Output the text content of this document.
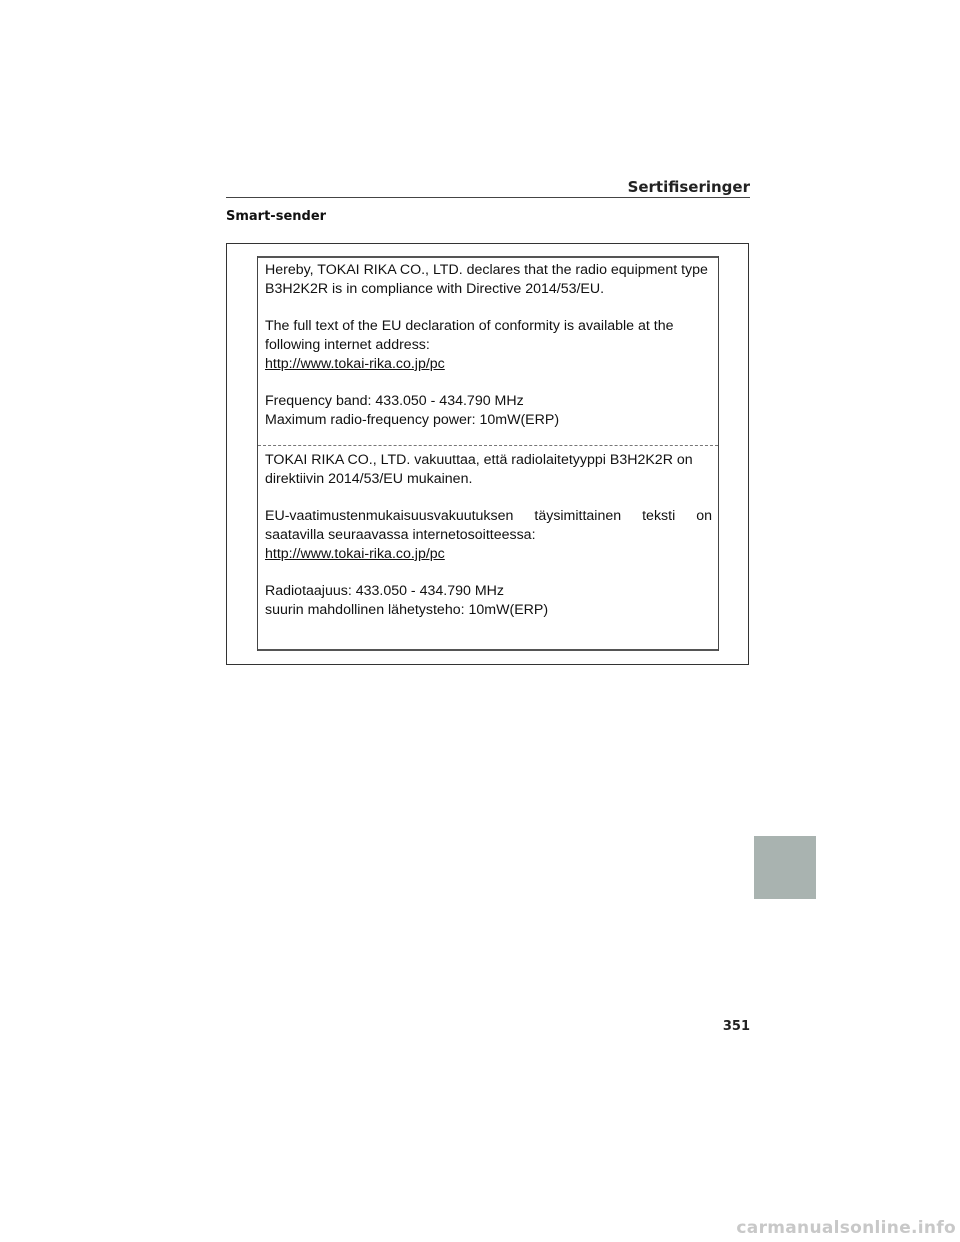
Sertifiseringer
Smart-sender

Hereby, TOKAI RIKA CO., LTD. declares that the radio equipment type

B3H2K2R is in compliance with Directive 2014/53/EU.

The full text of the EU declaration of conformity is available at the

following internet address:

http://www.tokai-rika.co.jp/pc

Frequency band: 433.050 - 434.790 MHz

Maximum radio-frequency power: 10mW(ERP)

TOKAI RIKA CO., LTD. vakuuttaa, että radiolaitetyyppi B3H2K2R on

direktiivin 2014/53/EU mukainen.

EU-vaatimustenmukaisuusvakuutuksen täysimittainen teksti on

saatavilla seuraavassa internetosoitteessa:

http://www.tokai-rika.co.jp/pc

Radiotaajuus: 433.050 - 434.790 MHz

suurin mahdollinen lähetysteho: 10mW(ERP)

351
carmanualsonline.info
